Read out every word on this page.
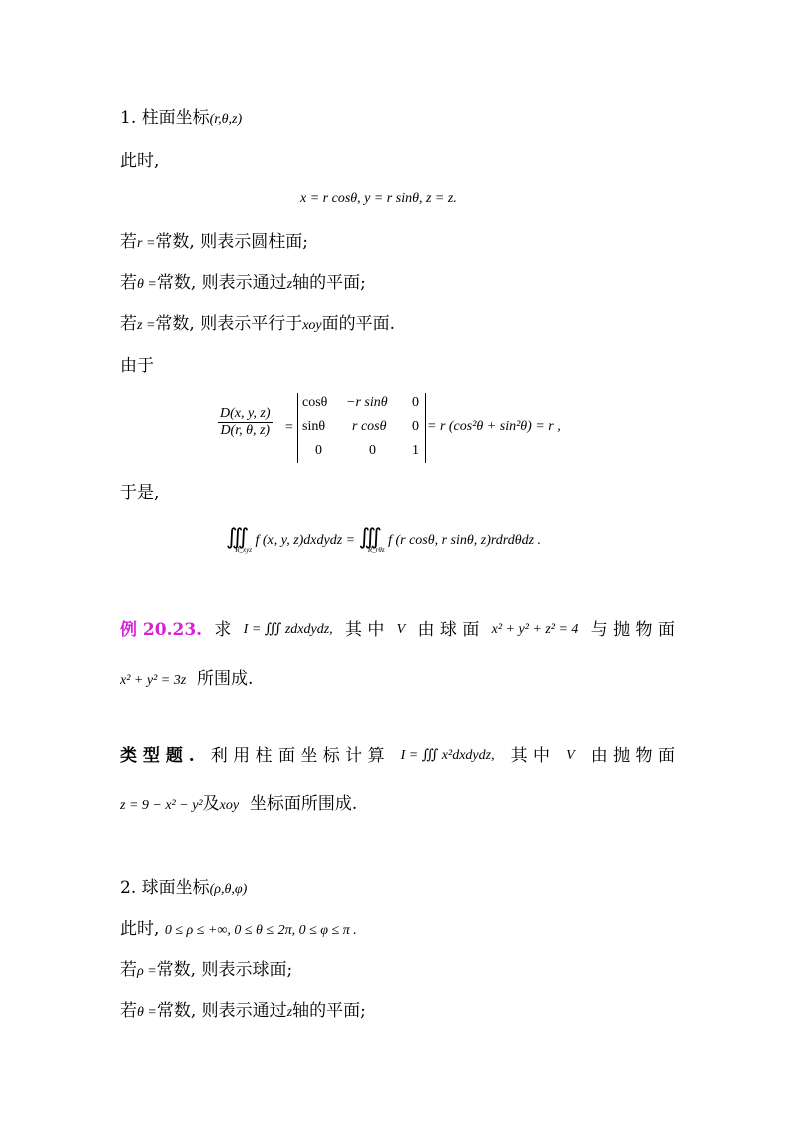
1. 柱面坐标(r,θ,z)
此时,
x = r cosθ, y = r sinθ, z = z.
若r =常数, 则表示圆柱面;
若θ =常数, 则表示通过z轴的平面;
若z =常数, 则表示平行于xoy面的平面.
由于
$\frac{D(x, y, z)}{D(r, \theta, z)}$ =
cosθ −r sinθ 0
sinθ r cosθ 0
0	0	1
= r (cos²θ + sin²θ) = r ,
于是,
$∭_{R\_xyz}$ f (x, y, z)dxdydz = $∭_{R\_r\theta z}$ f (r cosθ, r sinθ, z)rdrdθdz .
例 20.23. 求 I = ∭ zdxdydz, 其 中 V 由 球 面 x² + y² + z² = 4 与 抛 物 面
x² + y² = 3z 所围成.
类 型 题 . 利 用 柱 面 坐 标 计 算 I = ∭ x²dxdydz, 其 中 V 由 抛 物 面
z = 9 − x² − y²及xoy 坐标面所围成.
2. 球面坐标(ρ,θ,φ)
此时, 0 ≤ ρ ≤ +∞, 0 ≤ θ ≤ 2π, 0 ≤ φ ≤ π .
若ρ =常数, 则表示球面;
若θ =常数, 则表示通过z轴的平面;
